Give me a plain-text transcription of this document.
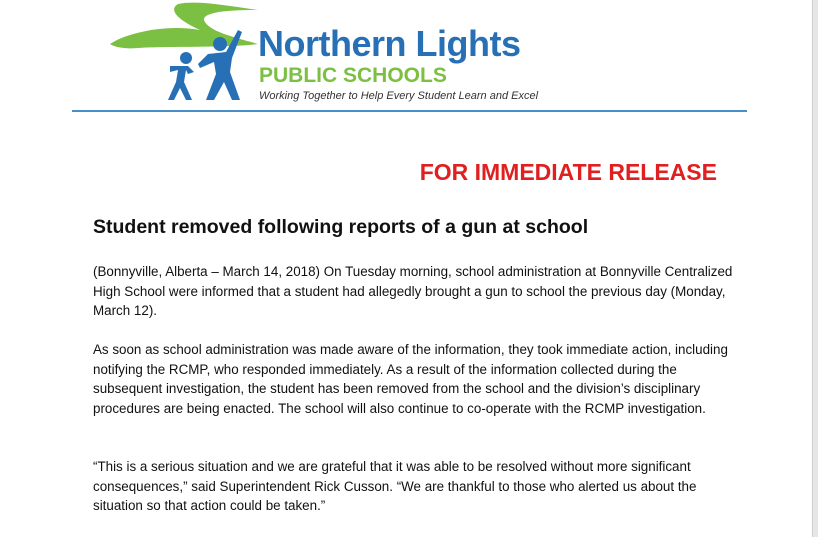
Northern Lights
PUBLIC SCHOOLS
Working Together to Help Every Student Learn and Excel
FOR IMMEDIATE RELEASE
Student removed following reports of a gun at school

(Bonnyville, Alberta – March 14, 2018) On Tuesday morning, school administration at Bonnyville Centralized High School were informed that a student had allegedly brought a gun to school the previous day (Monday, March 12).

As soon as school administration was made aware of the information, they took immediate action, including notifying the RCMP, who responded immediately. As a result of the information collected during the subsequent investigation, the student has been removed from the school and the division’s disciplinary procedures are being enacted. The school will also continue to co-operate with the RCMP investigation.

“This is a serious situation and we are grateful that it was able to be resolved without more significant consequences,” said Superintendent Rick Cusson. “We are thankful to those who alerted us about the situation so that action could be taken.”
